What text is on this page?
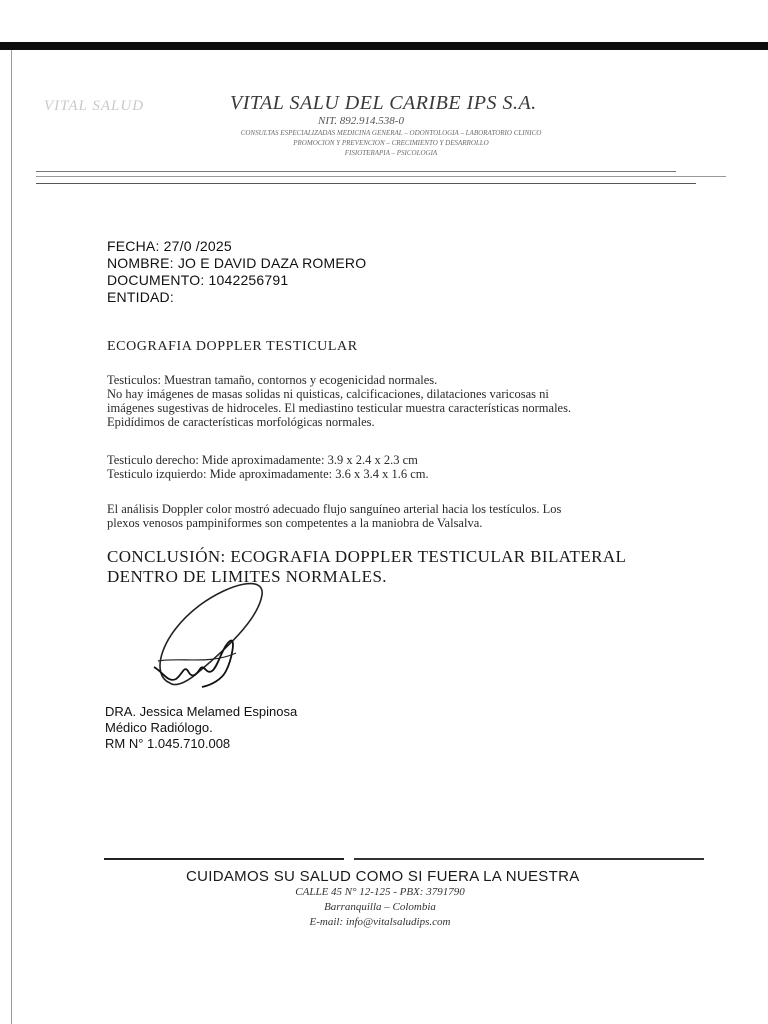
VITAL SALUD	VITAL SALU DEL CARIBE IPS S.A.
NIT. 892.914.538-0
CONSULTAS ESPECIALIZADAS MEDICINA GENERAL – ODONTOLOGIA – LABORATORIO CLINICO
PROMOCION Y PREVENCION – CRECIMIENTO Y DESARROLLO
FISIOTERAPIA – PSICOLOGIA
FECHA: 27/0 /2025
NOMBRE: JO E DAVID DAZA ROMERO
DOCUMENTO: 1042256791
ENTIDAD:
ECOGRAFIA DOPPLER TESTICULAR
Testiculos: Muestran tamaño, contornos y ecogenicidad normales.
No hay imágenes de masas solidas ni quisticas, calcificaciones, dilataciones varicosas ni
imágenes sugestivas de hidroceles. El mediastino testicular muestra características normales.
Epidídimos de características morfológicas normales.
Testiculo derecho: Mide aproximadamente: 3.9 x 2.4 x 2.3 cm
Testiculo izquierdo: Mide aproximadamente: 3.6 x 3.4 x 1.6 cm.
El análisis Doppler color mostró adecuado flujo sanguíneo arterial hacia los testículos. Los
plexos venosos pampiniformes son competentes a la maniobra de Valsalva.
CONCLUSIÓN: ECOGRAFIA DOPPLER TESTICULAR BILATERAL
DENTRO DE LIMITES NORMALES.
DRA. Jessica Melamed Espinosa
Médico Radiólogo.
RM N° 1.045.710.008
CUIDAMOS SU SALUD COMO SI FUERA LA NUESTRA
CALLE 45 N° 12-125 - PBX: 3791790
Barranquilla – Colombia
E-mail: info@vitalsaludips.com
